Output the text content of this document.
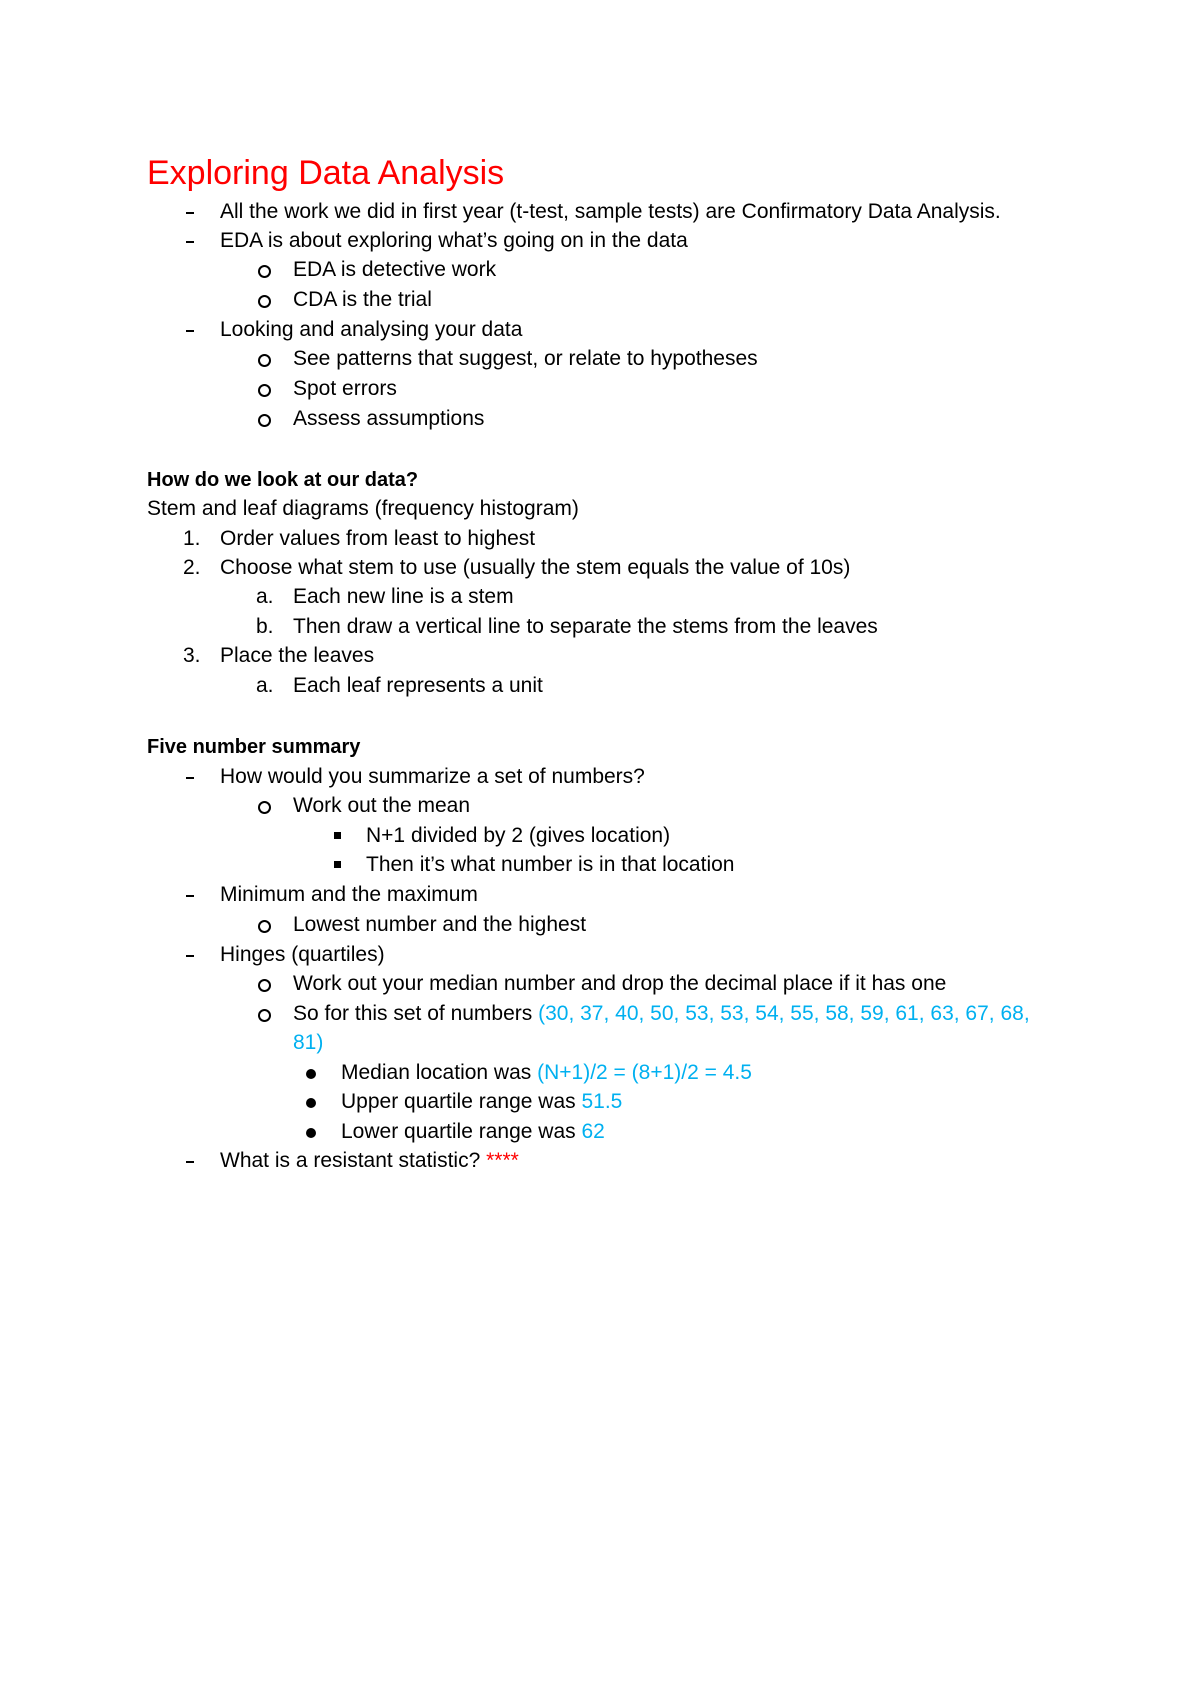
Exploring Data Analysis
All the work we did in first year (t-test, sample tests) are Confirmatory Data Analysis.
EDA is about exploring what’s going on in the data
EDA is detective work
CDA is the trial
Looking and analysing your data
See patterns that suggest, or relate to hypotheses
Spot errors
Assess assumptions
How do we look at our data?
Stem and leaf diagrams (frequency histogram)
1. Order values from least to highest
2. Choose what stem to use (usually the stem equals the value of 10s)
a. Each new line is a stem
b. Then draw a vertical line to separate the stems from the leaves
3. Place the leaves
a. Each leaf represents a unit
Five number summary
How would you summarize a set of numbers?
Work out the mean
N+1 divided by 2 (gives location)
Then it’s what number is in that location
Minimum and the maximum
Lowest number and the highest
Hinges (quartiles)
Work out your median number and drop the decimal place if it has one
So for this set of numbers (30, 37, 40, 50, 53, 53, 54, 55, 58, 59, 61, 63, 67, 68,
81)
Median location was (N+1)/2 = (8+1)/2 = 4.5
Upper quartile range was 51.5
Lower quartile range was 62
What is a resistant statistic? ****
